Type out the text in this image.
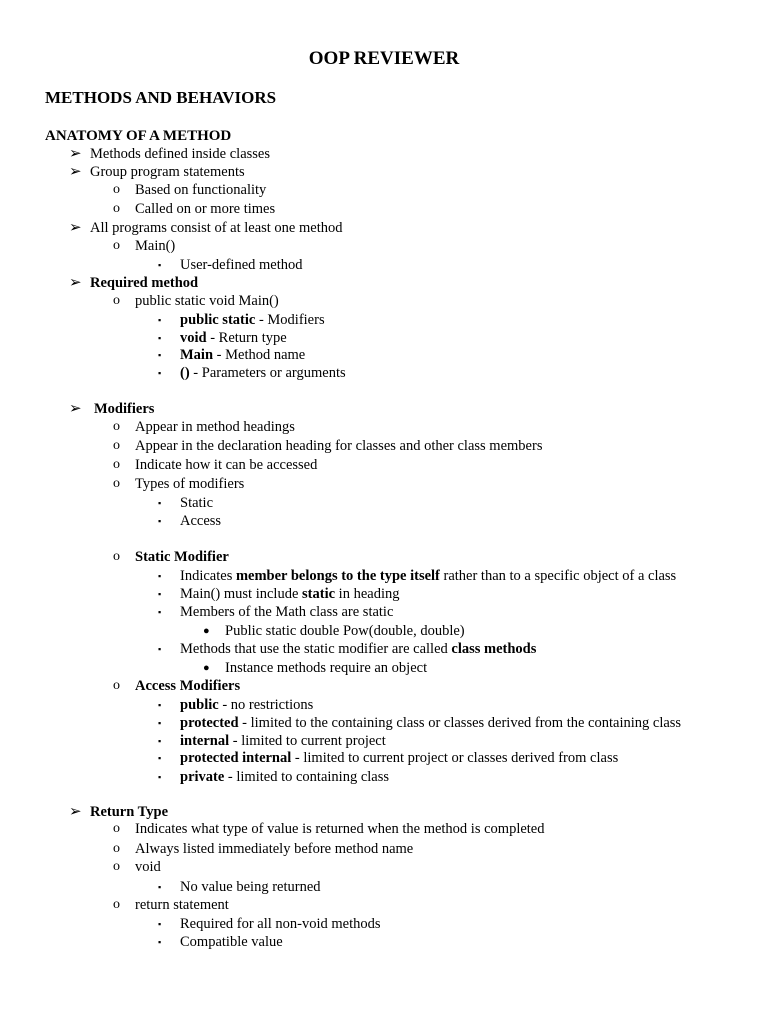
OOP REVIEWER
METHODS AND BEHAVIORS
ANATOMY OF A METHOD
➢ Methods defined inside classes
➢ Group program statements
o Based on functionality
o Called on or more times
➢ All programs consist of at least one method
o Main()
▪ User-defined method
➢ Required method
o public static void Main()
▪ public static - Modifiers
▪ void - Return type
▪ Main - Method name
▪ () - Parameters or arguments
➢ Modifiers
o Appear in method headings
o Appear in the declaration heading for classes and other class members
o Indicate how it can be accessed
o Types of modifiers
▪ Static
▪ Access
o Static Modifier
▪ Indicates member belongs to the type itself rather than to a specific object of a class
▪ Main() must include static in heading
▪ Members of the Math class are static
● Public static double Pow(double, double)
▪ Methods that use the static modifier are called class methods
● Instance methods require an object
o Access Modifiers
▪ public - no restrictions
▪ protected - limited to the containing class or classes derived from the containing class
▪ internal - limited to current project
▪ protected internal - limited to current project or classes derived from class
▪ private - limited to containing class
➢ Return Type
o Indicates what type of value is returned when the method is completed
o Always listed immediately before method name
o void
▪ No value being returned
o return statement
▪ Required for all non-void methods
▪ Compatible value
